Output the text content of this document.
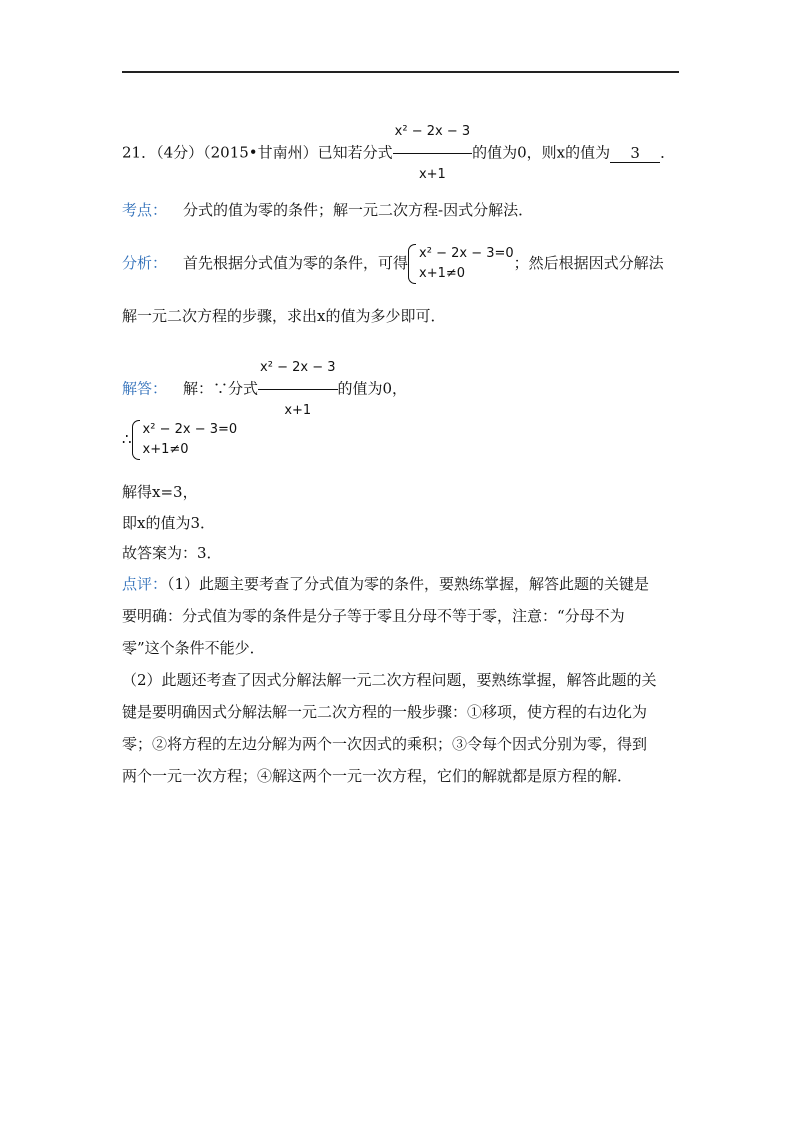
21．（4分）（2015•甘南州）已知若分式 $\frac{\text{x² − 2x − 3}}{x+1}$ 的值为0，则x的值为 3 ．
考点： 分式的值为零的条件；解一元二次方程-因式分解法．
分析： 首先根据分式值为零的条件，可得
x² − 2x − 3=0
x+1≠0
；然后根据因式分解法
解一元二次方程的步骤，求出x的值为多少即可．
解答： 解：∵分式 $\frac{\text{x² − 2x − 3}}{x+1}$ 的值为0，
∴
x² − 2x − 3=0
x+1≠0
解得x=3，
即x的值为3．
故答案为：3．
点评：（1）此题主要考查了分式值为零的条件，要熟练掌握，解答此题的关键是
要明确：分式值为零的条件是分子等于零且分母不等于零，注意：“分母不为
零”这个条件不能少．
（2）此题还考查了因式分解法解一元二次方程问题，要熟练掌握，解答此题的关
键是要明确因式分解法解一元二次方程的一般步骤：①移项，使方程的右边化为
零；②将方程的左边分解为两个一次因式的乘积；③令每个因式分别为零，得到
两个一元一次方程；④解这两个一元一次方程，它们的解就都是原方程的解．
